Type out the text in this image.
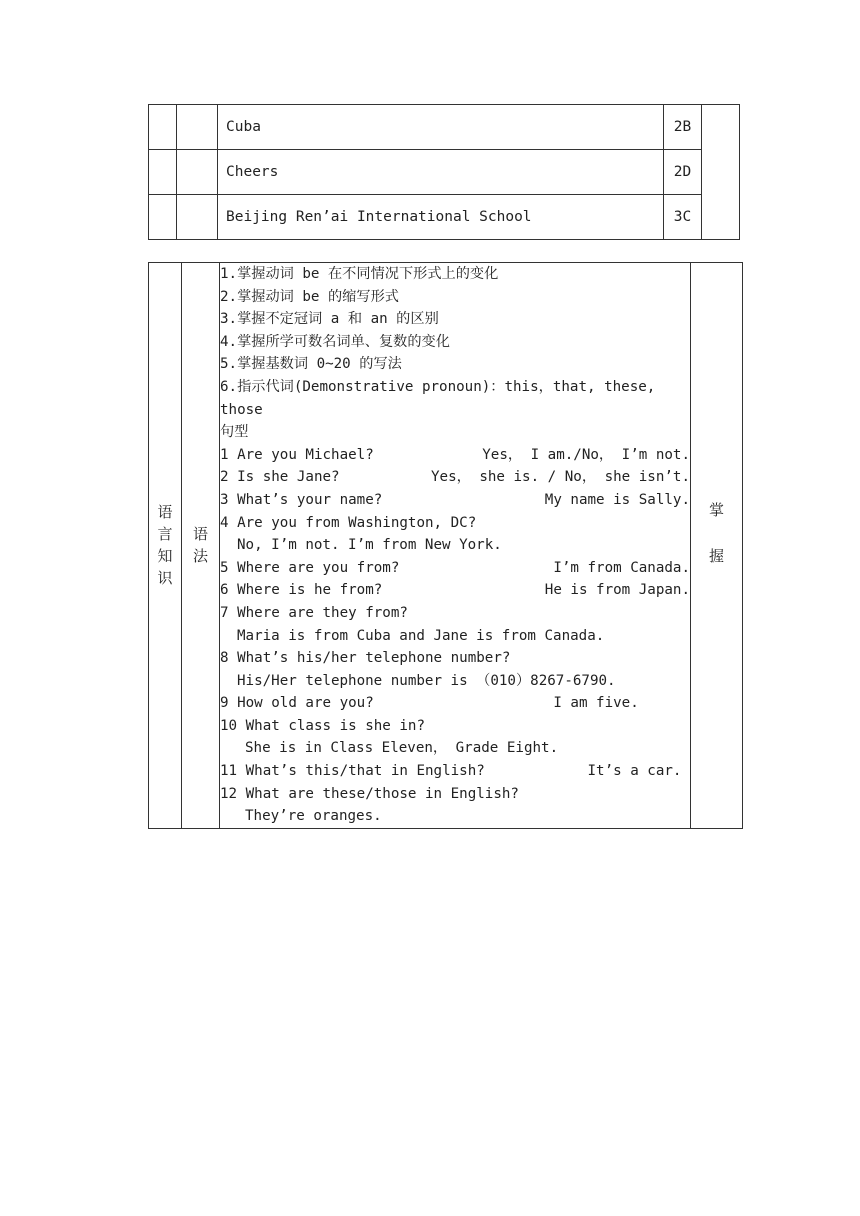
		Cuba	2B	
		Cheers	2D	
		Beijing Ren’ai International School	3C	
语
言
知
识

语
法

1.掌握动词 be 在不同情况下形式上的变化
2.掌握动词 be 的缩写形式
3.掌握不定冠词 a 和 an 的区别
4.掌握所学可数名词单、复数的变化
5.掌握基数词 0~20 的写法
6.指示代词(Demonstrative pronoun)：this，that, these,
those
句型
1 Are you Michael?	Yes， I am./No， I’m not.
2 Is she Jane?	Yes， she is. / No， she isn’t.
3 What’s your name?	My name is Sally.
4 Are you from Washington, DC?
No, I’m not. I’m from New York.
5 Where are you from?	I’m from Canada.
6 Where is he from?	He is from Japan.
7 Where are they from?
Maria is from Cuba and Jane is from Canada.
8 What’s his/her telephone number?
His/Her telephone number is （010）8267-6790.
9 How old are you?	I am five.
10 What class is she in?
She is in Class Eleven， Grade Eight.
11 What’s this/that in English?	It’s a car.
12 What are these/those in English?
They’re oranges.

掌
握
